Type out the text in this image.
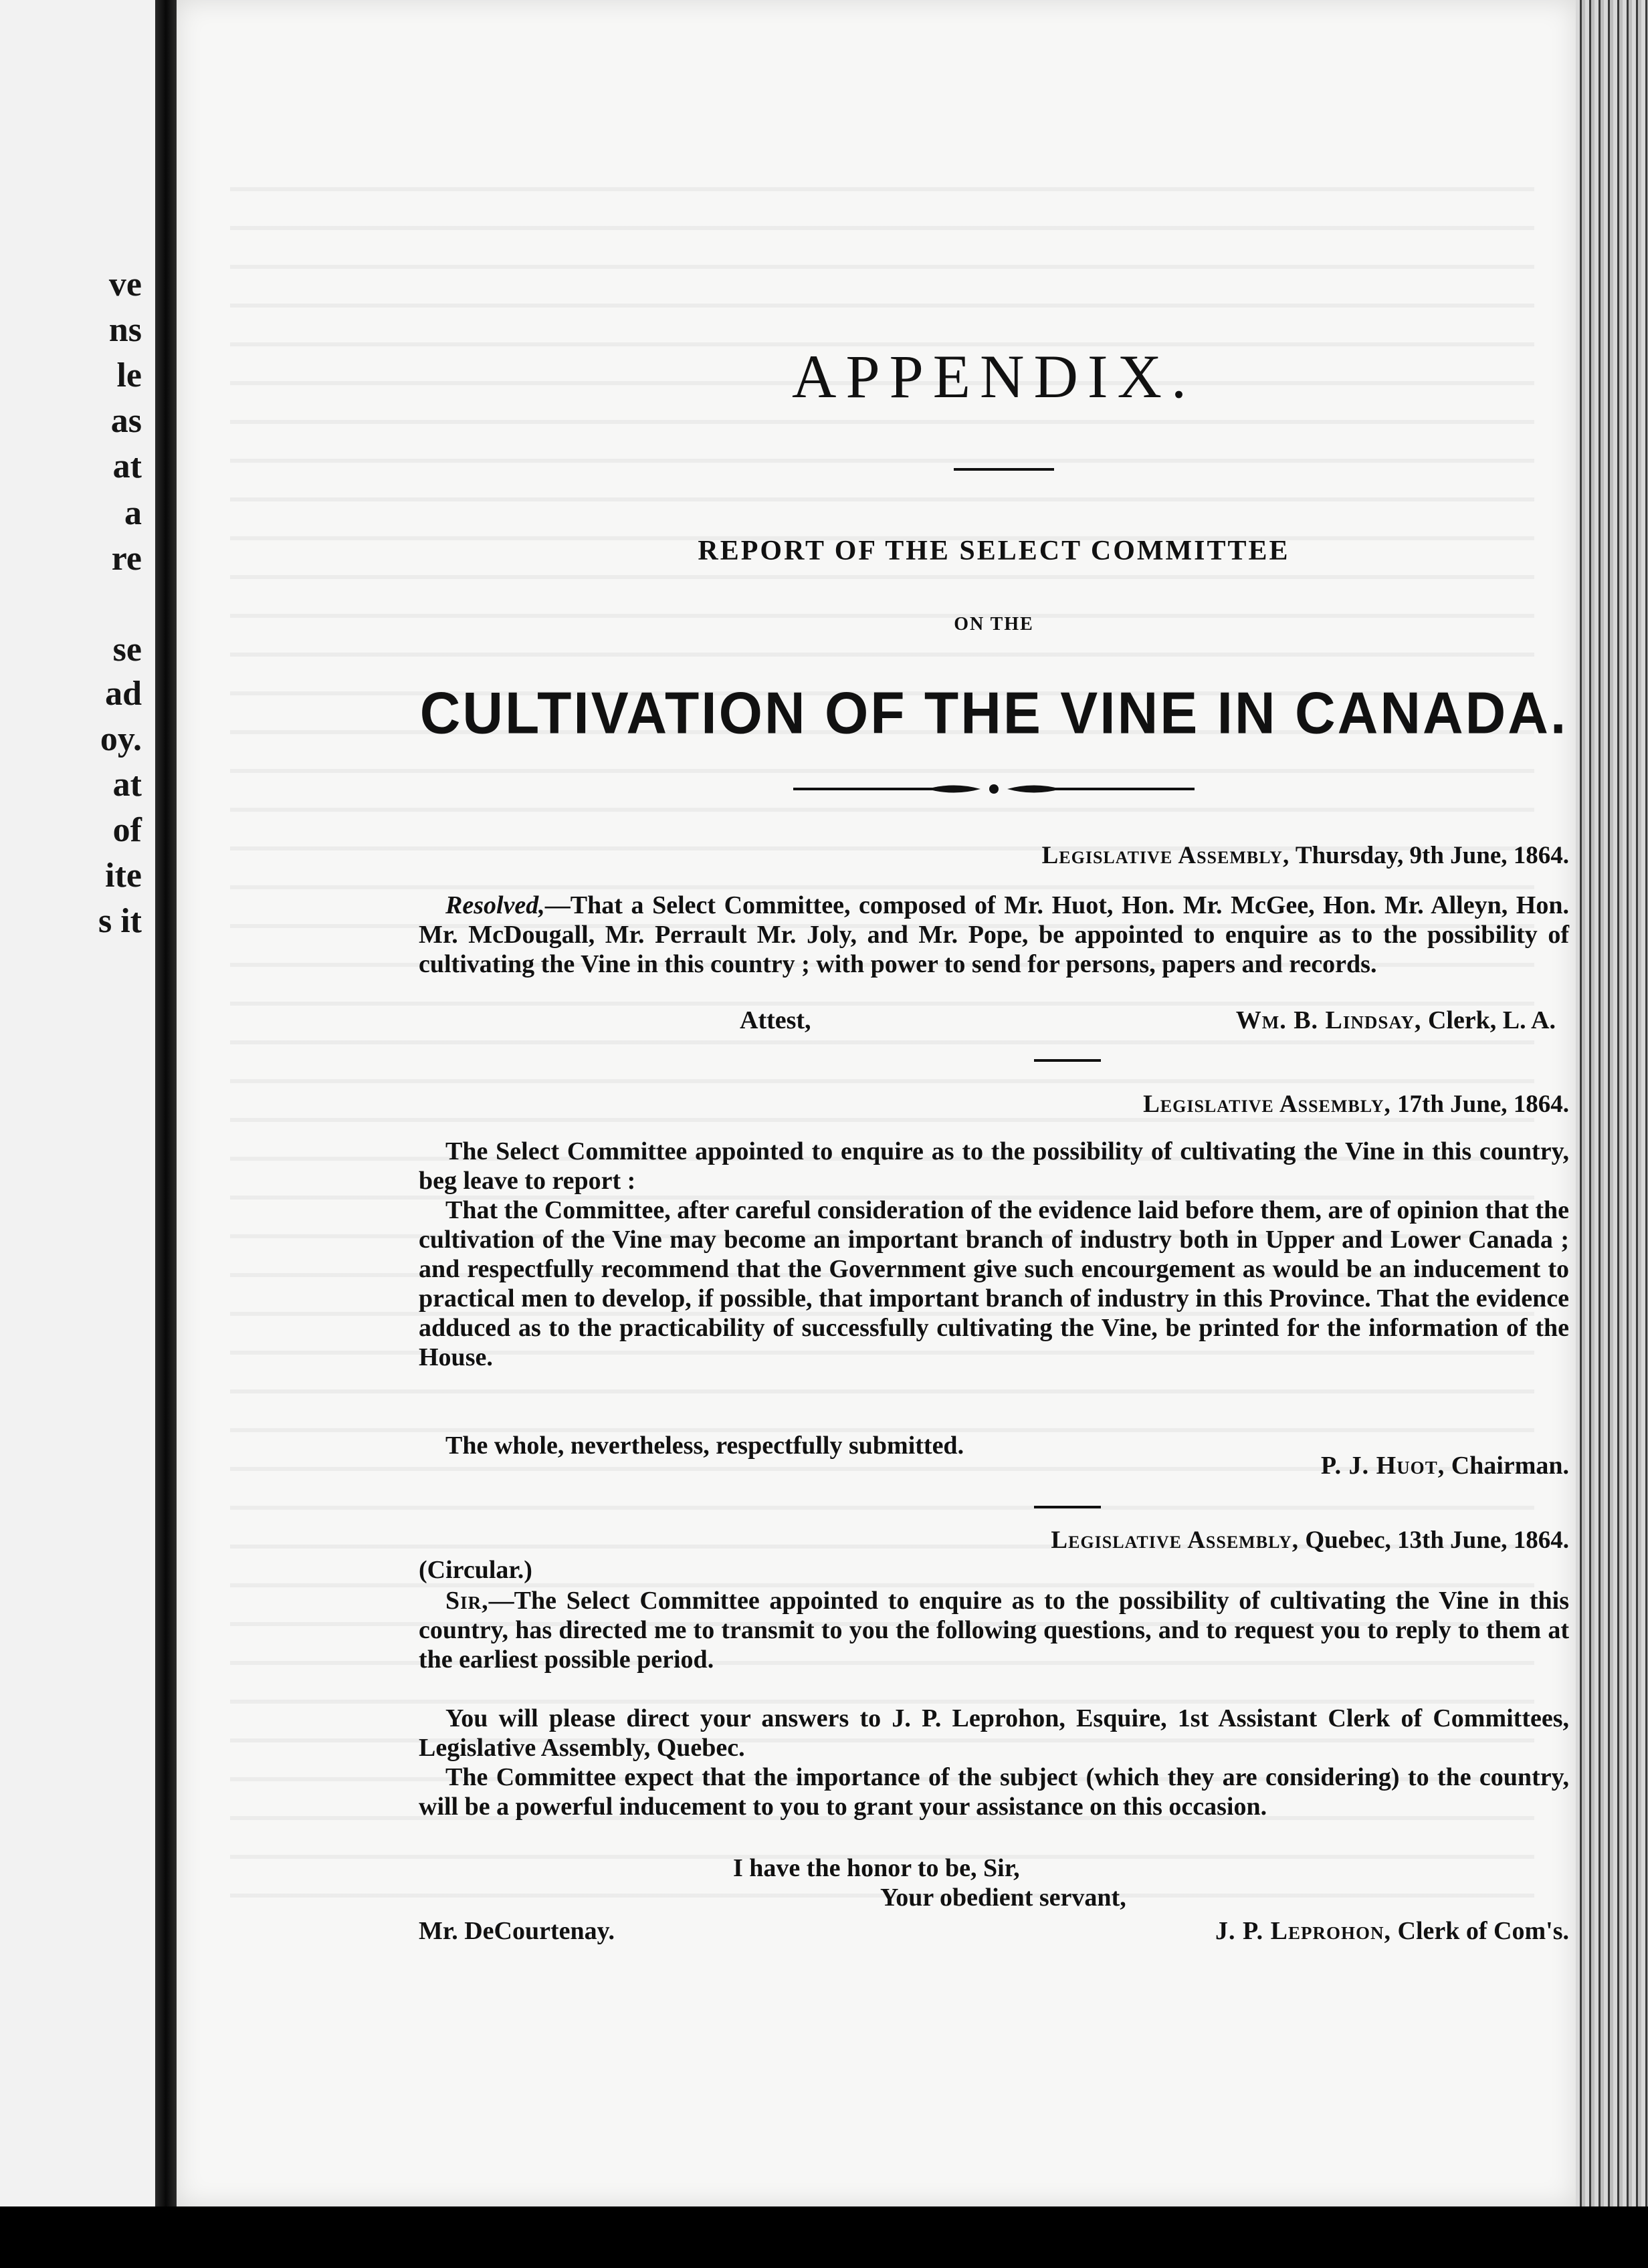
ve
ns
le
as
at
a
re
se
ad
oy.
at
of
ite
s it
APPENDIX.
REPORT OF THE SELECT COMMITTEE
ON THE
CULTIVATION OF THE VINE IN CANADA.
Legislative Assembly, Thursday, 9th June, 1864.

Resolved,—That a Select Committee, composed of Mr. Huot, Hon. Mr. McGee, Hon. Mr. Alleyn, Hon. Mr. McDougall, Mr. Perrault Mr. Joly, and Mr. Pope, be appointed to enquire as to the possibility of cultivating the Vine in this country ; with power to send for persons, papers and records.

Attest,	Wm. B. Lindsay, Clerk, L. A.
Legislative Assembly, 17th June, 1864.

The Select Committee appointed to enquire as to the possibility of cultivating the Vine in this country, beg leave to report :

That the Committee, after careful consideration of the evidence laid before them, are of opinion that the cultivation of the Vine may become an important branch of industry both in Upper and Lower Canada ; and respectfully recommend that the Government give such encourgement as would be an inducement to practical men to develop, if possible, that important branch of industry in this Province. That the evidence adduced as to the practicability of successfully cultivating the Vine, be printed for the information of the House.

The whole, nevertheless, respectfully submitted.

P. J. Huot, Chairman.
Legislative Assembly, Quebec, 13th June, 1864.
(Circular.)

Sir,—The Select Committee appointed to enquire as to the possibility of cultivating the Vine in this country, has directed me to transmit to you the following questions, and to request you to reply to them at the earliest possible period.

You will please direct your answers to J. P. Leprohon, Esquire, 1st Assistant Clerk of Committees, Legislative Assembly, Quebec.

The Committee expect that the importance of the subject (which they are considering) to the country, will be a powerful inducement to you to grant your assistance on this occasion.

I have the honor to be, Sir,
Your obedient servant,
Mr. DeCourtenay.	J. P. Leprohon, Clerk of Com's.
